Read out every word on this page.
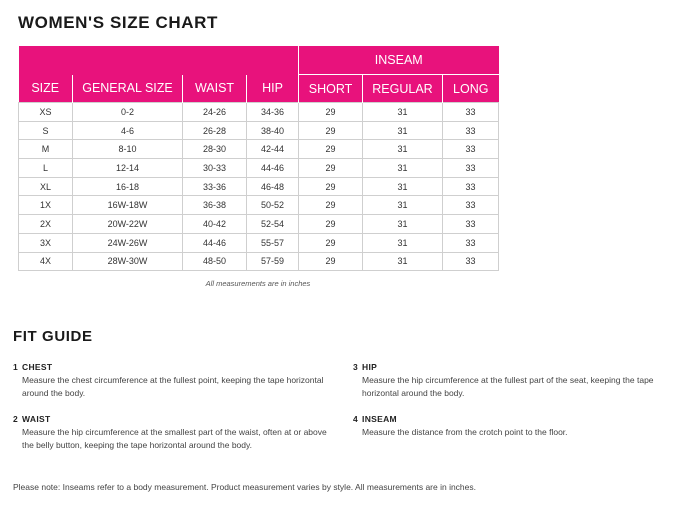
WOMEN'S SIZE CHART
				INSEAM		
SIZE	GENERAL SIZE	WAIST	HIP	SHORT	REGULAR	LONG
XS	0-2	24-26	34-36	29	31	33
S	4-6	26-28	38-40	29	31	33
M	8-10	28-30	42-44	29	31	33
L	12-14	30-33	44-46	29	31	33
XL	16-18	33-36	46-48	29	31	33
1X	16W-18W	36-38	50-52	29	31	33
2X	20W-22W	40-42	52-54	29	31	33
3X	24W-26W	44-46	55-57	29	31	33
4X	28W-30W	48-50	57-59	29	31	33
All measurements are in inches
FIT GUIDE
1 CHEST
Measure the chest circumference at the fullest point, keeping the tape horizontal around the body.
2 WAIST
Measure the hip circumference at the smallest part of the waist, often at or above the belly button, keeping the tape horizontal around the body.
3 HIP
Measure the hip circumference at the fullest part of the seat, keeping the tape horizontal around the body.
4 INSEAM
Measure the distance from the crotch point to the floor.
Please note: Inseams refer to a body measurement. Product measurement varies by style. All measurements are in inches.
